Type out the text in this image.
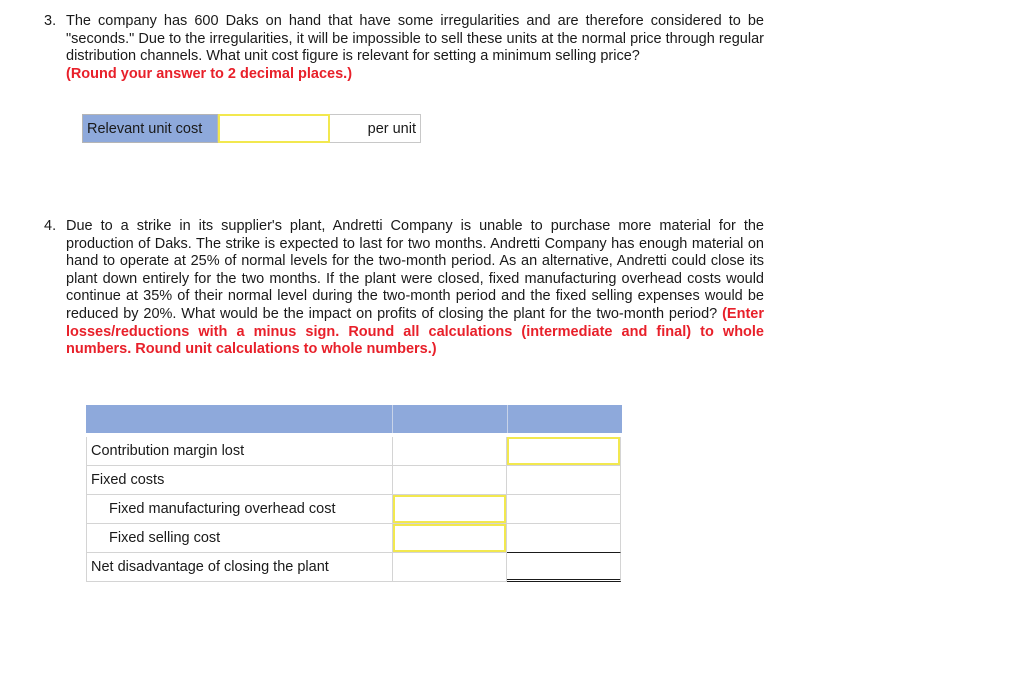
3. The company has 600 Daks on hand that have some irregularities and are therefore considered to be "seconds." Due to the irregularities, it will be impossible to sell these units at the normal price through regular distribution channels. What unit cost figure is relevant for setting a minimum selling price?
(Round your answer to 2 decimal places.)
Relevant unit cost	per unit
4. Due to a strike in its supplier's plant, Andretti Company is unable to purchase more material for the production of Daks. The strike is expected to last for two months. Andretti Company has enough material on hand to operate at 25% of normal levels for the two-month period. As an alternative, Andretti could close its plant down entirely for the two months. If the plant were closed, fixed manufacturing overhead costs would continue at 35% of their normal level during the two-month period and the fixed selling expenses would be reduced by 20%. What would be the impact on profits of closing the plant for the two-month period? (Enter losses/reductions with a minus sign. Round all calculations (intermediate and final) to whole numbers. Round unit calculations to whole numbers.)
Contribution margin lost
Fixed costs
Fixed manufacturing overhead cost
Fixed selling cost
Net disadvantage of closing the plant
